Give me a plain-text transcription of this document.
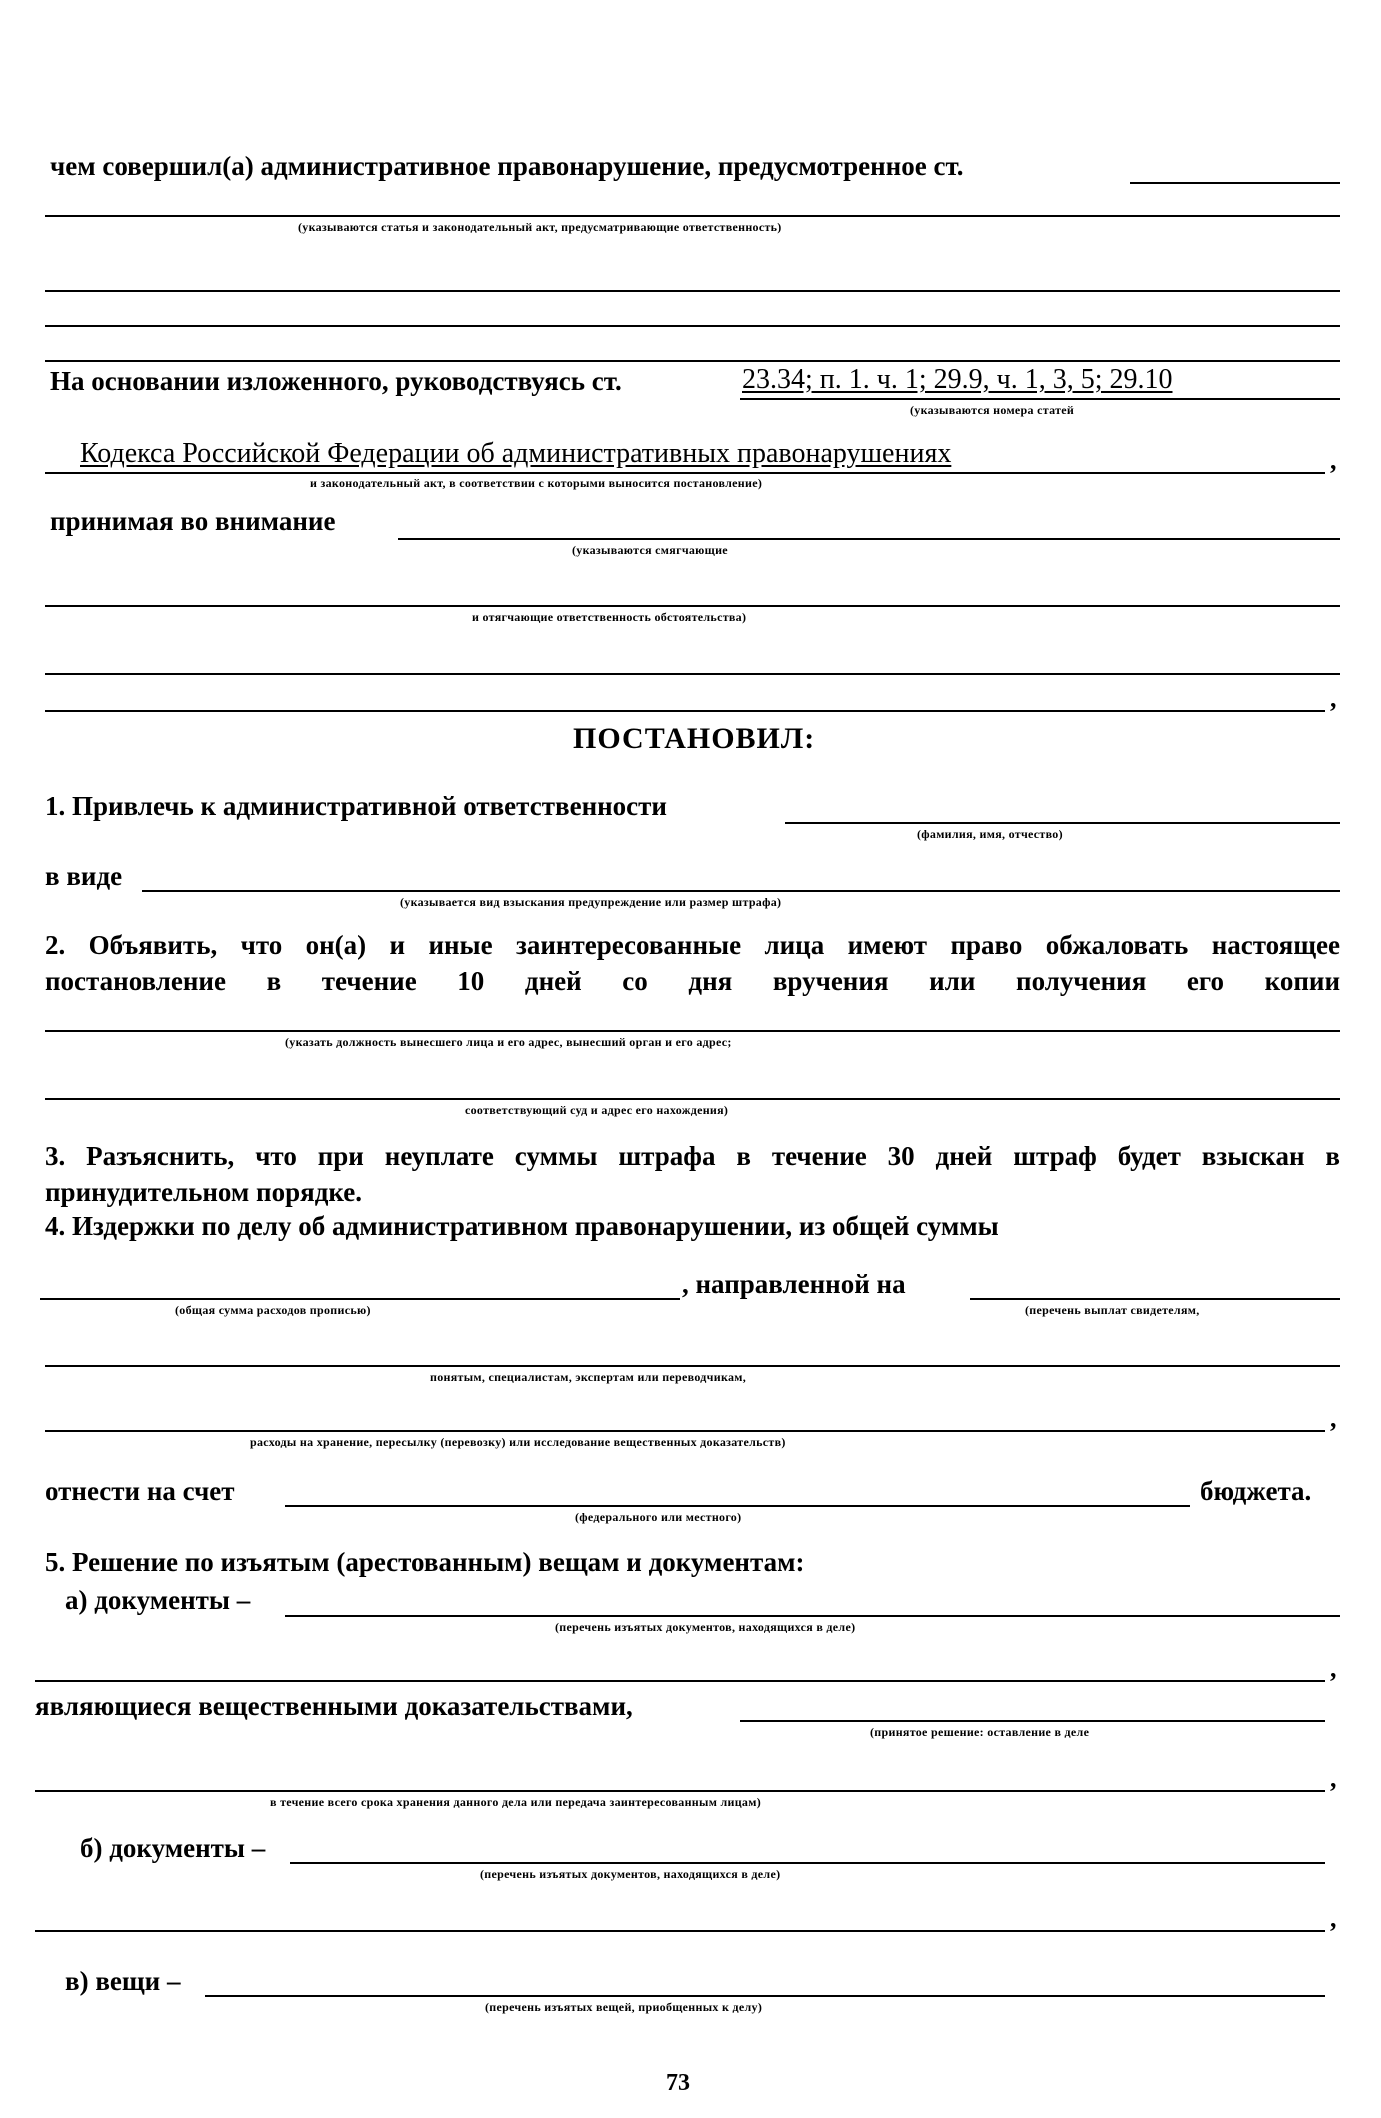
чем совершил(а) административное правонарушение, предусмотренное ст.
(указываются статья и законодательный акт, предусматривающие ответственность)
На основании изложенного, руководствуясь ст.	23.34; п. 1. ч. 1; 29.9, ч. 1, 3, 5; 29.10
(указываются номера статей
Кодекса Российской Федерации об административных правонарушениях	,
и законодательный акт, в соответствии с которыми выносится постановление)
принимая во внимание
(указываются смягчающие
и отягчающие ответственность обстоятельства)
,
ПОСТАНОВИЛ:
1. Привлечь к административной ответственности
(фамилия, имя, отчество)
в виде
(указывается вид взыскания предупреждение или размер штрафа)
2. Объявить, что он(а) и иные заинтересованные лица имеют право обжаловать настоящее постановление в течение 10 дней со дня вручения или получения его копии
(указать должность вынесшего лица и его адрес, вынесший орган и его адрес;
соответствующий суд и адрес его нахождения)
3. Разъяснить, что при неуплате суммы штрафа в течение 30 дней штраф будет взыскан в принудительном порядке.
4. Издержки по делу об административном правонарушении, из общей суммы
, направленной на
(общая сумма расходов прописью)	(перечень выплат свидетелям,
понятым, специалистам, экспертам или переводчикам,
,
расходы на хранение, пересылку (перевозку) или исследование вещественных доказательств)
отнести на счет	бюджета.
(федерального или местного)
5. Решение по изъятым (арестованным) вещам и документам:
а) документы –
(перечень изъятых документов, находящихся в деле)
,
являющиеся вещественными доказательствами,
(принятое решение: оставление в деле
,
в течение всего срока хранения данного дела или передача заинтересованным лицам)
б) документы –
(перечень изъятых документов, находящихся в деле)
,
в) вещи –
(перечень изъятых вещей, приобщенных к делу)
73
